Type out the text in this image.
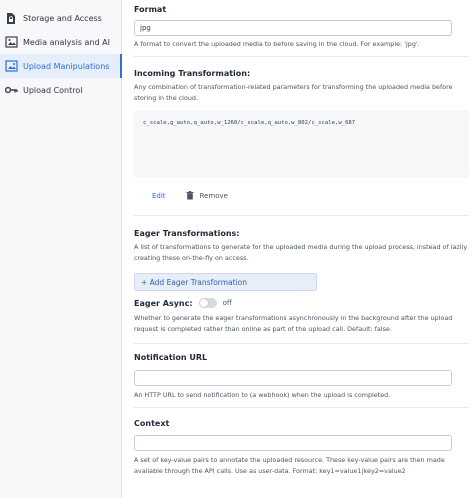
Storage and Access
Media analysis and AI
Upload Manipulations
Upload Control
Format
jpg
A format to convert the uploaded media to before saving in the cloud. For example: 'jpg'.
Incoming Transformation:
Any combination of transformation-related parameters for transforming the uploaded media before storing in the cloud.
c_scale,g_auto,q_auto,w_1260/c_scale,q_auto,w_802/c_scale,w_687
Edit	Remove
Eager Transformations:
A list of transformations to generate for the uploaded media during the upload process, instead of lazily creating these on-the-fly on access.
+ Add Eager Transformation
Eager Async:	off
Whether to generate the eager transformations asynchronously in the background after the upload request is completed rather than online as part of the upload call. Default: false.
Notification URL
An HTTP URL to send notification to (a webhook) when the upload is completed.
Context
A set of key-value pairs to annotate the uploaded resource. These key-value pairs are then made available through the API calls. Use as user-data. Format: key1=value1|key2=value2
